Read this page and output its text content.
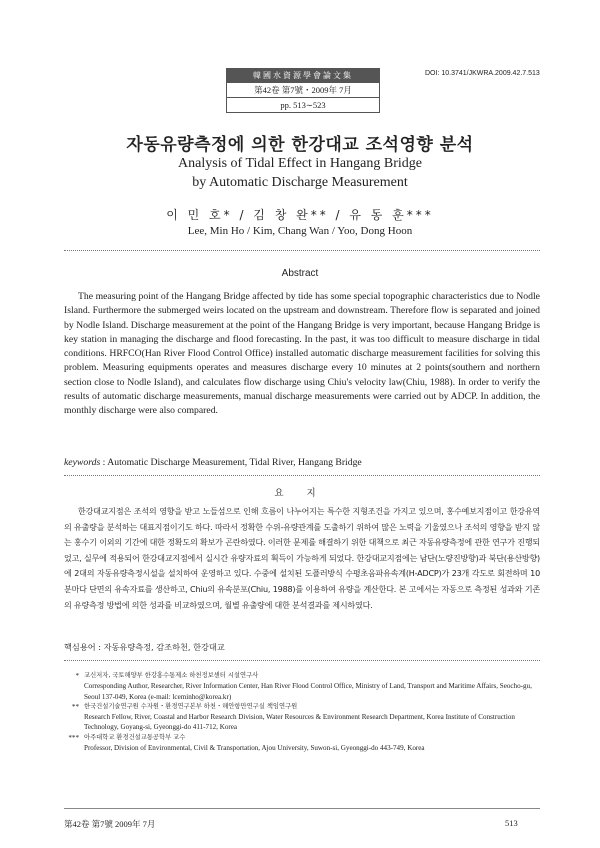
韓國水資源學會論文集
第42卷 第7號・2009年 7月
pp. 513∼523
DOI: 10.3741/JKWRA.2009.42.7.513
자동유량측정에 의한 한강대교 조석영향 분석
Analysis of Tidal Effect in Hangang Bridge
by Automatic Discharge Measurement
이 민 호* / 김 창 완** / 유 동 훈***
Lee, Min Ho / Kim, Chang Wan / Yoo, Dong Hoon
Abstract
The measuring point of the Hangang Bridge affected by tide has some special topographic characteristics due to Nodle Island. Furthermore the submerged weirs located on the upstream and downstream. Therefore flow is separated and joined by Nodle Island. Discharge measurement at the point of the Hangang Bridge is very important, because Hangang Bridge is key station in managing the discharge and flood forecasting. In the past, it was too difficult to measure discharge in tidal conditions. HRFCO(Han River Flood Control Office) installed automatic discharge measurement facilities for solving this problem. Measuring equipments operates and measures discharge every 10 minutes at 2 points(southern and northern section close to Nodle Island), and calculates flow discharge using Chiu's velocity law(Chiu, 1988). In order to verify the results of automatic discharge measurements, manual discharge measurements were carried out by ADCP. In addition, the monthly discharge were also compared.
keywords : Automatic Discharge Measurement, Tidal River, Hangang Bridge
요 지
한강대교지점은 조석의 영향을 받고 노들섬으로 인해 흐름이 나누어지는 특수한 지형조건을 가지고 있으며, 홍수예보지점이고 한강유역의 유출량을 분석하는 대표지점이기도 하다. 따라서 정확한 수위-유량관계를 도출하기 위하여 많은 노력을 기울였으나 조석의 영향을 받지 않는 홍수기 이외의 기간에 대한 정확도의 확보가 곤란하였다. 이러한 문제를 해결하기 위한 대책으로 최근 자동유량측정에 관한 연구가 진행되었고, 실무에 적용되어 한강대교지점에서 실시간 유량자료의 획득이 가능하게 되었다. 한강대교지점에는 남단(노량진방향)과 북단(용산방향)에 2대의 자동유량측정시설을 설치하여 운영하고 있다. 수중에 설치된 도플러방식 수평초음파유속계(H-ADCP)가 23개 각도로 회전하며 10분마다 단면의 유속자료를 생산하고, Chiu의 유속분포(Chiu, 1988)를 이용하여 유량을 계산한다. 본 고에서는 자동으로 측정된 성과와 기존의 유량측정 방법에 의한 성과를 비교하였으며, 월별 유출량에 대한 분석결과를 제시하였다.
핵심용어 : 자동유량측정, 감조하천, 한강대교
* 교신저자, 국토해양부 한강홍수통제소 하천정보센터 시설연구사
Corresponding Author, Researcher, River Information Center, Han River Flood Control Office, Ministry of Land, Transport and Maritime Affairs, Seocho-gu, Seoul 137-049, Korea (e-mail: lceminho@korea.kr)
** 한국건설기술연구원 수자원・환경연구본부 하천・해안항만연구실 책임연구원
Research Fellow, River, Coastal and Harbor Research Division, Water Resources & Environment Research Department, Korea Institute of Construction Technology, Goyang-si, Gyeonggi-do 411-712, Korea
*** 아주대학교 환경건설교통공학부 교수
Professor, Division of Environmental, Civil & Transportation, Ajou University, Suwon-si, Gyeonggi-do 443-749, Korea
第42卷 第7號 2009年 7月	513
